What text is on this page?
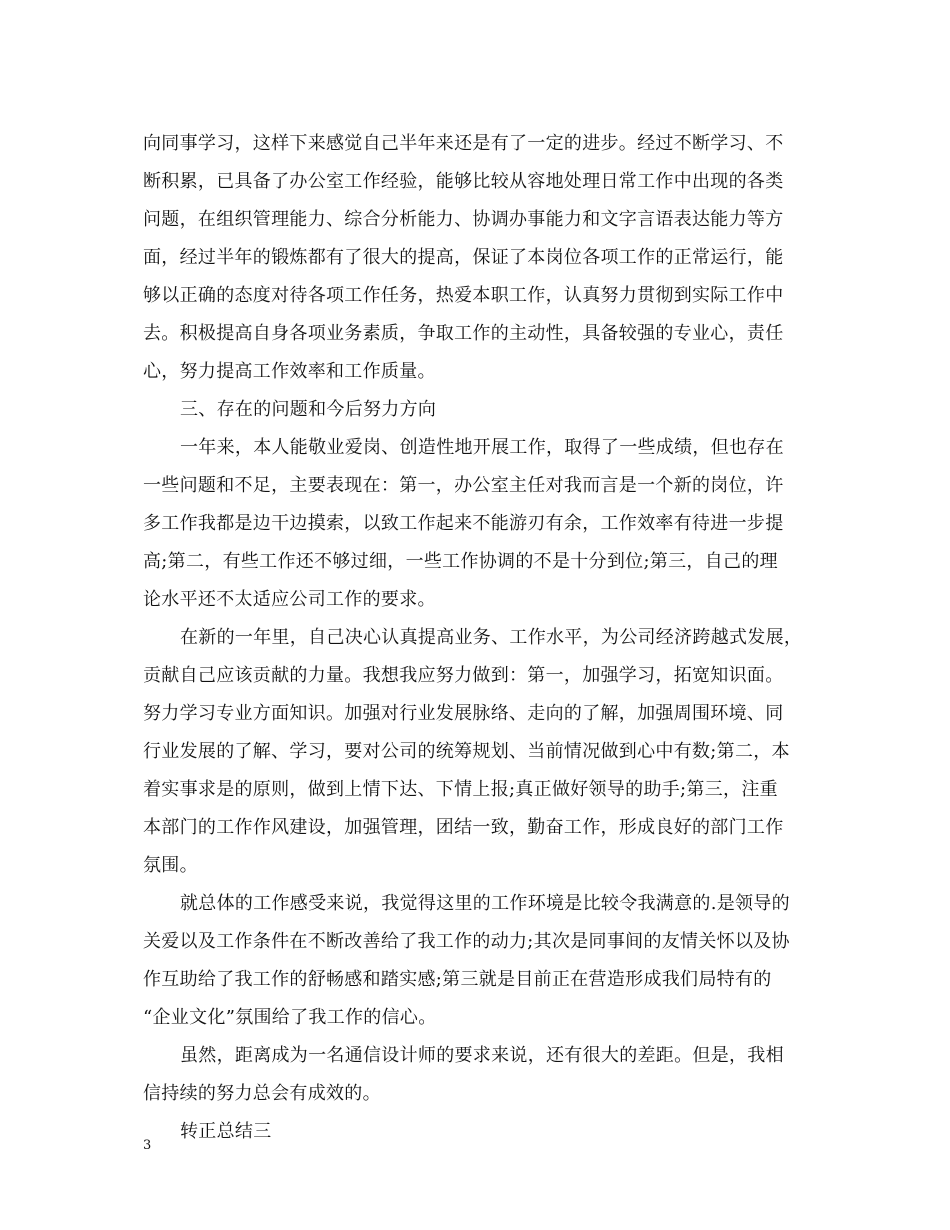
向同事学习，这样下来感觉自己半年来还是有了一定的进步。经过不断学习、不
断积累，已具备了办公室工作经验，能够比较从容地处理日常工作中出现的各类
问题，在组织管理能力、综合分析能力、协调办事能力和文字言语表达能力等方
面，经过半年的锻炼都有了很大的提高，保证了本岗位各项工作的正常运行，能
够以正确的态度对待各项工作任务，热爱本职工作，认真努力贯彻到实际工作中
去。积极提高自身各项业务素质，争取工作的主动性，具备较强的专业心，责任
心，努力提高工作效率和工作质量。
三、存在的问题和今后努力方向
一年来，本人能敬业爱岗、创造性地开展工作，取得了一些成绩，但也存在
一些问题和不足，主要表现在：第一，办公室主任对我而言是一个新的岗位，许
多工作我都是边干边摸索，以致工作起来不能游刃有余，工作效率有待进一步提
高;第二，有些工作还不够过细，一些工作协调的不是十分到位;第三，自己的理
论水平还不太适应公司工作的要求。
在新的一年里，自己决心认真提高业务、工作水平，为公司经济跨越式发展，
贡献自己应该贡献的力量。我想我应努力做到：第一，加强学习，拓宽知识面。
努力学习专业方面知识。加强对行业发展脉络、走向的了解，加强周围环境、同
行业发展的了解、学习，要对公司的统筹规划、当前情况做到心中有数;第二，本
着实事求是的原则，做到上情下达、下情上报;真正做好领导的助手;第三，注重
本部门的工作作风建设，加强管理，团结一致，勤奋工作，形成良好的部门工作
氛围。
就总体的工作感受来说，我觉得这里的工作环境是比较令我满意的.是领导的
关爱以及工作条件在不断改善给了我工作的动力;其次是同事间的友情关怀以及协
作互助给了我工作的舒畅感和踏实感;第三就是目前正在营造形成我们局特有的
“企业文化”氛围给了我工作的信心。
虽然，距离成为一名通信设计师的要求来说，还有很大的差距。但是，我相
信持续的努力总会有成效的。
转正总结三
3
